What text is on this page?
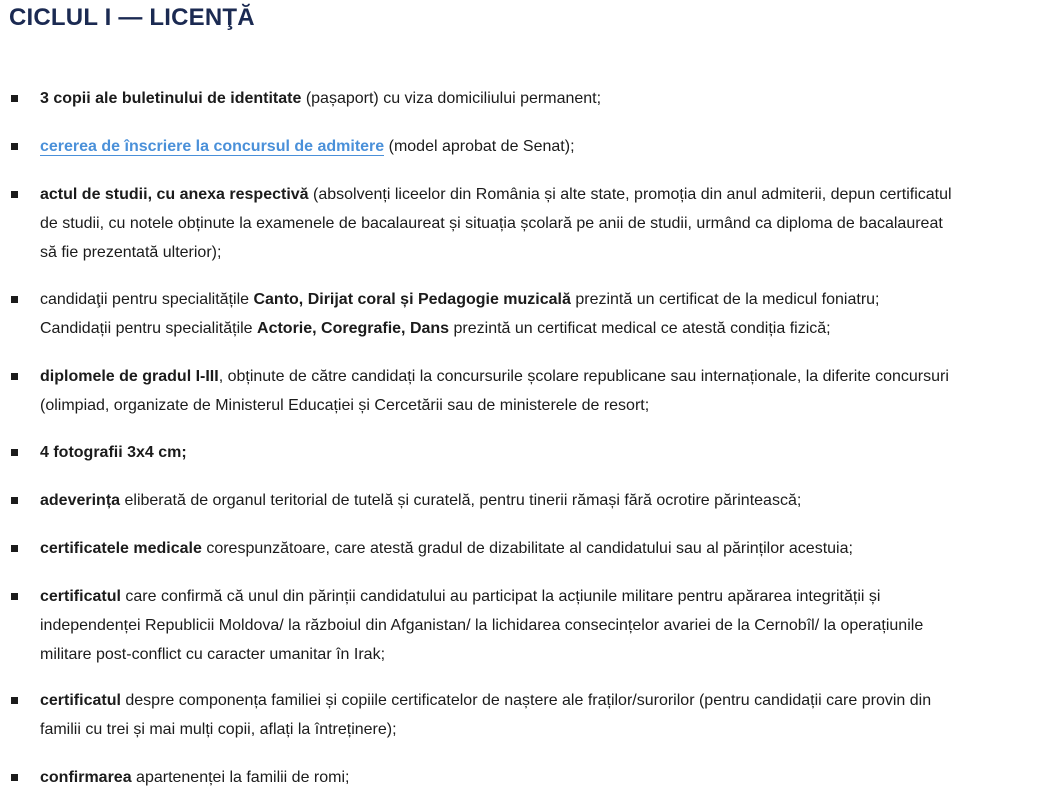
CICLUL I — LICENŢĂ
3 copii ale buletinului de identitate (pașaport) cu viza domiciliului permanent;
cererea de înscriere la concursul de admitere (model aprobat de Senat);
actul de studii, cu anexa respectivă (absolvenți liceelor din România și alte state, promoția din anul admiterii, depun certificatul
de studii, cu notele obținute la examenele de bacalaureat și situația școlară pe anii de studii, urmând ca diploma de bacalaureat
să fie prezentată ulterior);
candidaţii pentru specialitățile Canto, Dirijat coral și Pedagogie muzicală prezintă un certificat de la medicul foniatru;
Candidații pentru specialitățile Actorie, Coregrafie, Dans prezintă un certificat medical ce atestă condiția fizică;
diplomele de gradul I-III, obținute de către candidați la concursurile școlare republicane sau internaționale, la diferite concursuri
(olimpiad, organizate de Ministerul Educației și Cercetării sau de ministerele de resort;
4 fotografii 3x4 cm;
adeverința eliberată de organul teritorial de tutelă și curatelă, pentru tinerii rămași fără ocrotire părintească;
certificatele medicale corespunzătoare, care atestă gradul de dizabilitate al candidatului sau al părinților acestuia;
certificatul care confirmă că unul din părinții candidatului au participat la acțiunile militare pentru apărarea integrității și
independenței Republicii Moldova/ la războiul din Afganistan/ la lichidarea consecințelor avariei de la Cernobîl/ la operațiunile
militare post-conflict cu caracter umanitar în Irak;
certificatul despre componența familiei și copiile certificatelor de naștere ale fraților/surorilor (pentru candidații care provin din
familii cu trei și mai mulți copii, aflați la întreținere);
confirmarea apartenenței la familii de romi;
